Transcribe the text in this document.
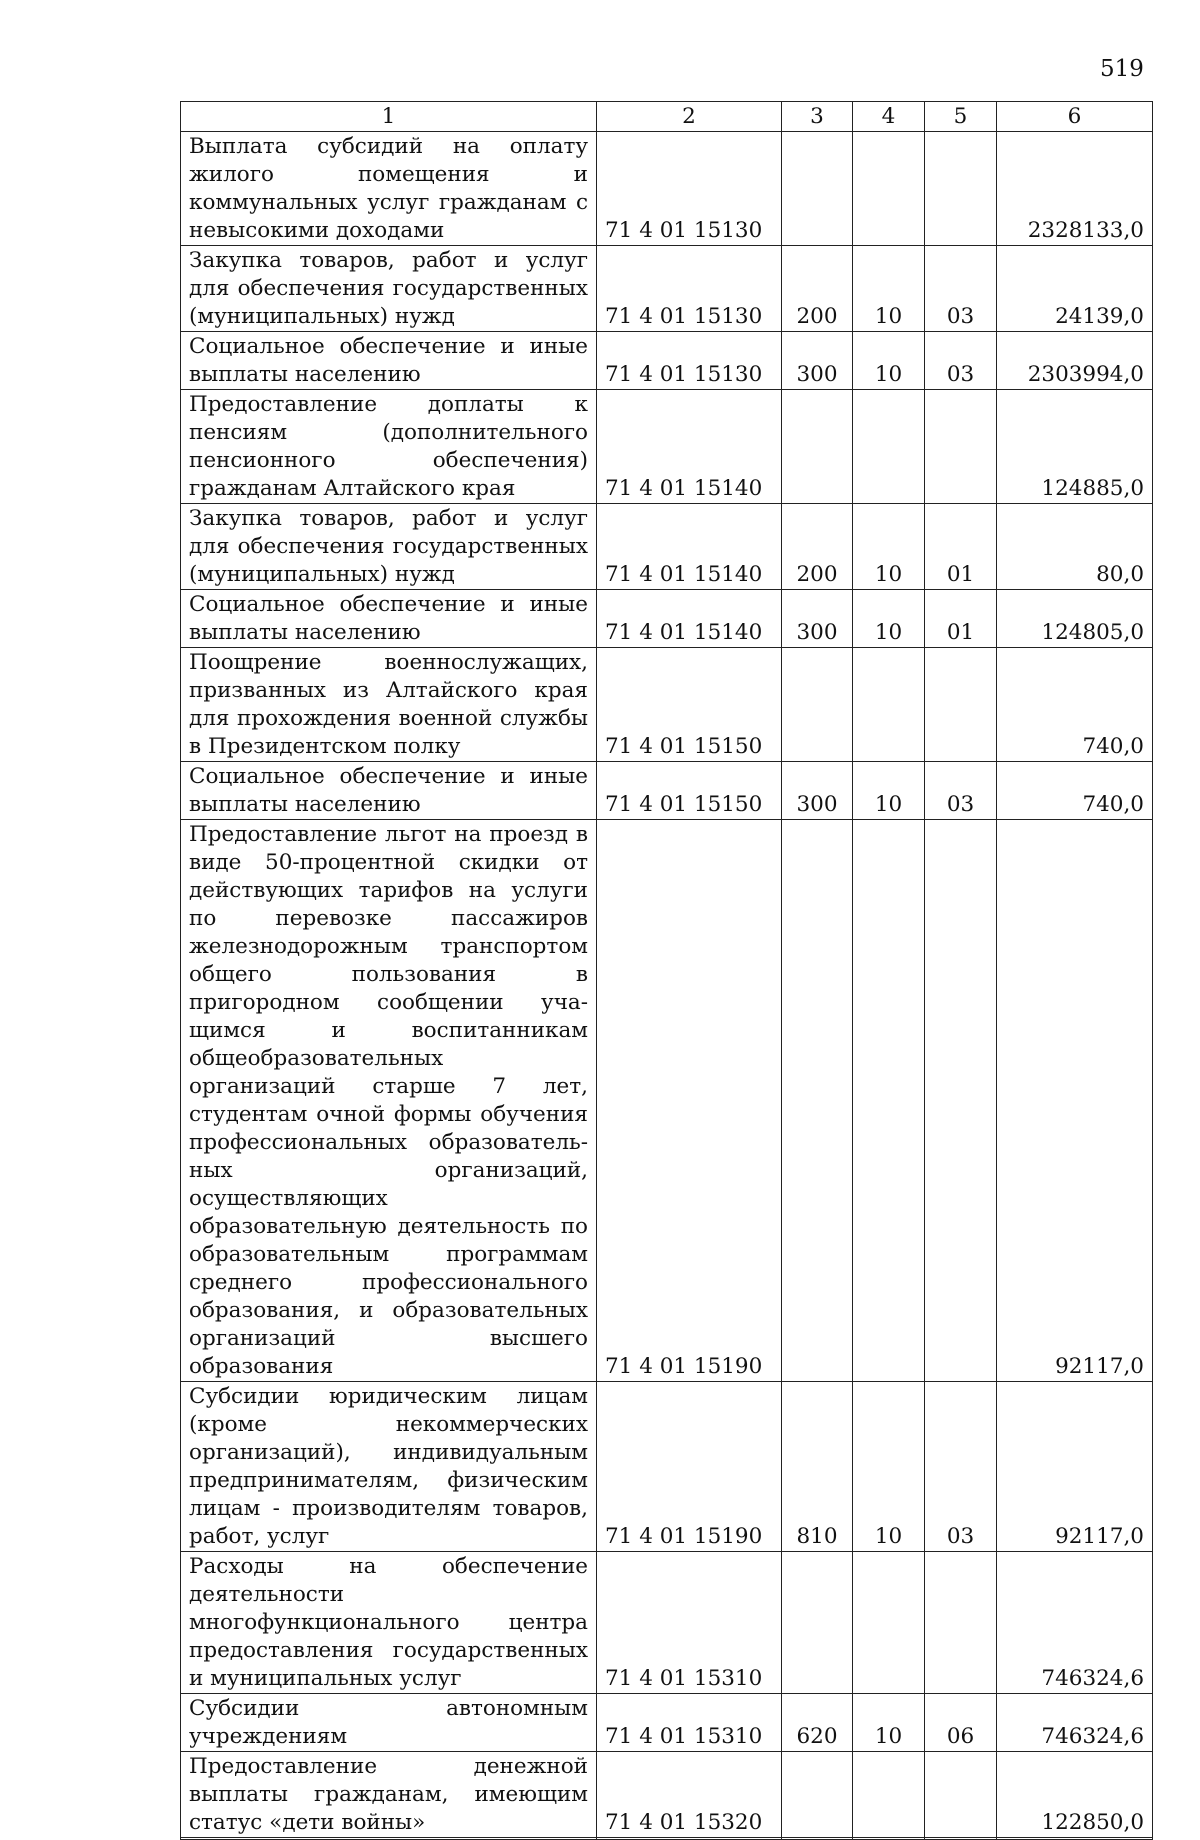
519
1	2	3	4	5	6
Выплата субсидий на оплату жилого помещения и коммунальных услуг гражданам с невысокими доходами	71 4 01 15130				2328133,0
Закупка товаров, работ и услуг для обеспечения государственных (муниципальных) нужд	71 4 01 15130	200	10	03	24139,0
Социальное обеспечение и иные выплаты населению	71 4 01 15130	300	10	03	2303994,0
Предоставление доплаты к пенсиям (дополнительного пенсионного обеспечения) гражданам Алтайского края	71 4 01 15140				124885,0
Закупка товаров, работ и услуг для обеспечения государственных (муниципальных) нужд	71 4 01 15140	200	10	01	80,0
Социальное обеспечение и иные выплаты населению	71 4 01 15140	300	10	01	124805,0
Поощрение военнослужащих, призванных из Алтайского края для прохождения военной службы в Президентском полку	71 4 01 15150				740,0
Социальное обеспечение и иные выплаты населению	71 4 01 15150	300	10	03	740,0
Предоставление льгот на проезд в виде 50-процентной скидки от действующих тарифов на услуги по перевозке пассажиров железнодорожным транспортом общего пользования в пригородном сообщении учащимся и воспитанникам общеобразовательных организаций старше 7 лет, студентам очной формы обучения профессиональных образовательных организаций, осуществляющих образовательную деятельность по образовательным программам среднего профессионального образования, и образовательных организаций высшего образования	71 4 01 15190				92117,0
Субсидии юридическим лицам (кроме некоммерческих организаций), индивидуальным предпринимателям, физическим лицам - производителям товаров, работ, услуг	71 4 01 15190	810	10	03	92117,0
Расходы на обеспечение деятельности многофункционального центра предоставления государственных и муниципальных услуг	71 4 01 15310				746324,6
Субсидии автономным учреждениям	71 4 01 15310	620	10	06	746324,6
Предоставление денежной выплаты гражданам, имеющим статус «дети войны»	71 4 01 15320				122850,0
